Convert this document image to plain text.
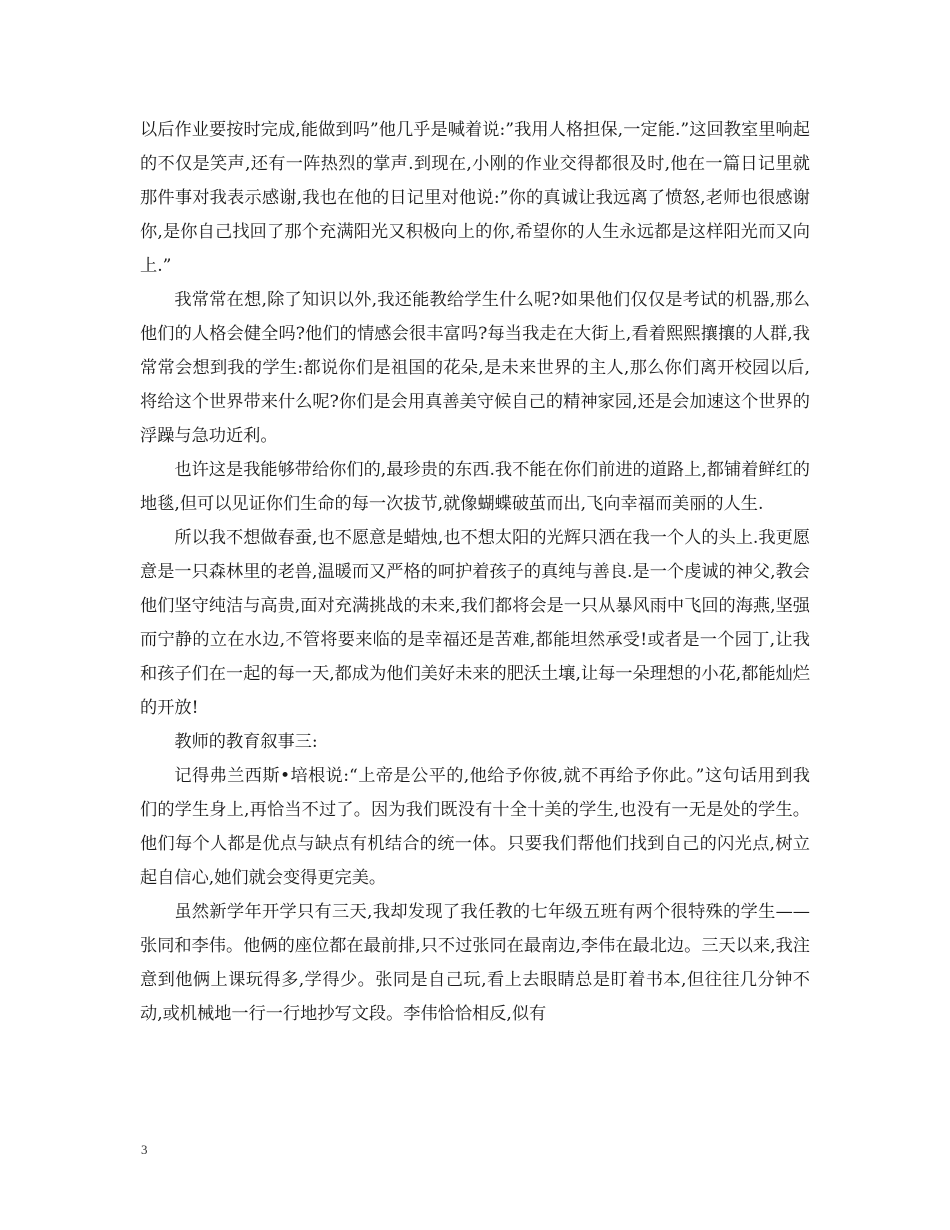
以后作业要按时完成,能做到吗”他几乎是喊着说:”我用人格担保,一定能.”这回教室里响起的不仅是笑声,还有一阵热烈的掌声.到现在,小刚的作业交得都很及时,他在一篇日记里就那件事对我表示感谢,我也在他的日记里对他说:”你的真诚让我远离了愤怒,老师也很感谢你,是你自己找回了那个充满阳光又积极向上的你,希望你的人生永远都是这样阳光而又向上.”

我常常在想,除了知识以外,我还能教给学生什么呢?如果他们仅仅是考试的机器,那么他们的人格会健全吗?他们的情感会很丰富吗?每当我走在大街上,看着熙熙攘攘的人群,我常常会想到我的学生:都说你们是祖国的花朵,是未来世界的主人,那么你们离开校园以后,将给这个世界带来什么呢?你们是会用真善美守候自己的精神家园,还是会加速这个世界的浮躁与急功近利。

也许这是我能够带给你们的,最珍贵的东西.我不能在你们前进的道路上,都铺着鲜红的地毯,但可以见证你们生命的每一次拔节,就像蝴蝶破茧而出,飞向幸福而美丽的人生.

所以我不想做春蚕,也不愿意是蜡烛,也不想太阳的光辉只洒在我一个人的头上.我更愿意是一只森林里的老兽,温暖而又严格的呵护着孩子的真纯与善良.是一个虔诚的神父,教会他们坚守纯洁与高贵,面对充满挑战的未来,我们都将会是一只从暴风雨中飞回的海燕,坚强而宁静的立在水边,不管将要来临的是幸福还是苦难,都能坦然承受!或者是一个园丁,让我和孩子们在一起的每一天,都成为他们美好未来的肥沃土壤,让每一朵理想的小花,都能灿烂的开放!

教师的教育叙事三:

记得弗兰西斯•培根说:“上帝是公平的,他给予你彼,就不再给予你此。”这句话用到我们的学生身上,再恰当不过了。因为我们既没有十全十美的学生,也没有一无是处的学生。他们每个人都是优点与缺点有机结合的统一体。只要我们帮他们找到自己的闪光点,树立起自信心,她们就会变得更完美。

虽然新学年开学只有三天,我却发现了我任教的七年级五班有两个很特殊的学生——张同和李伟。他俩的座位都在最前排,只不过张同在最南边,李伟在最北边。三天以来,我注意到他俩上课玩得多,学得少。张同是自己玩,看上去眼睛总是盯着书本,但往往几分钟不动,或机械地一行一行地抄写文段。李伟恰恰相反,似有

3
